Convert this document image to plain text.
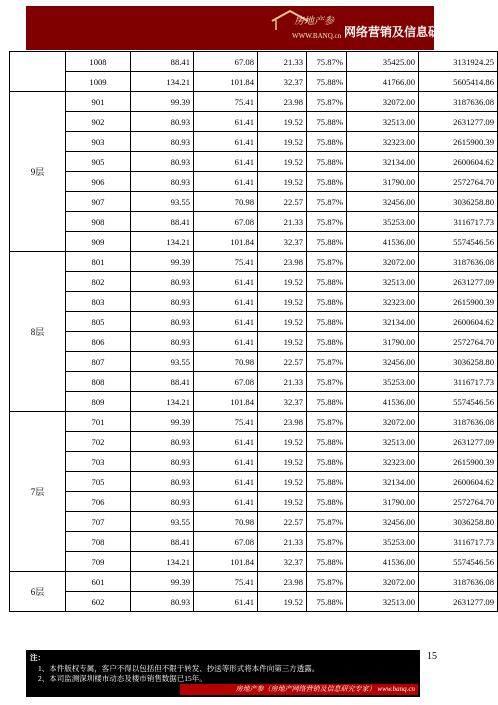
房地产参
WWW.BANQ.cn 网络营销及信息研究专家
	1008	88.41	67.08	21.33	75.87%	35425.00	3131924.25
	1009	134.21	101.84	32.37	75.88%	41766.00	5605414.86
9层	901	99.39	75.41	23.98	75.87%	32072.00	3187636.08
	902	80.93	61.41	19.52	75.88%	32513.00	2631277.09
	903	80.93	61.41	19.52	75.88%	32323.00	2615900.39
	905	80.93	61.41	19.52	75.88%	32134.00	2600604.62
	906	80.93	61.41	19.52	75.88%	31790.00	2572764.70
	907	93.55	70.98	22.57	75.87%	32456.00	3036258.80
	908	88.41	67.08	21.33	75.87%	35253.00	3116717.73
	909	134.21	101.84	32.37	75.88%	41536.00	5574546.56
8层	801	99.39	75.41	23.98	75.87%	32072.00	3187636.08
	802	80.93	61.41	19.52	75.88%	32513.00	2631277.09
	803	80.93	61.41	19.52	75.88%	32323.00	2615900.39
	805	80.93	61.41	19.52	75.88%	32134.00	2600604.62
	806	80.93	61.41	19.52	75.88%	31790.00	2572764.70
	807	93.55	70.98	22.57	75.87%	32456.00	3036258.80
	808	88.41	67.08	21.33	75.87%	35253.00	3116717.73
	809	134.21	101.84	32.37	75.88%	41536.00	5574546.56
7层	701	99.39	75.41	23.98	75.87%	32072.00	3187636.08
	702	80.93	61.41	19.52	75.88%	32513.00	2631277.09
	703	80.93	61.41	19.52	75.88%	32323.00	2615900.39
	705	80.93	61.41	19.52	75.88%	32134.00	2600604.62
	706	80.93	61.41	19.52	75.88%	31790.00	2572764.70
	707	93.55	70.98	22.57	75.87%	32456.00	3036258.80
	708	88.41	67.08	21.33	75.87%	35253.00	3116717.73
	709	134.21	101.84	32.37	75.88%	41536.00	5574546.56
6层	601	99.39	75.41	23.98	75.87%	32072.00	3187636.08
	602	80.93	61.41	19.52	75.88%	32513.00	2631277.09
15
注：
1、本件版权专属，客户不得以包括但不限于转发、抄送等形式将本件向第三方透露。
2、本司监测深圳楼市动态及楼市销售数据已15年。
房地产参（房地产网络营销及信息研究专家） www.banq.cn
